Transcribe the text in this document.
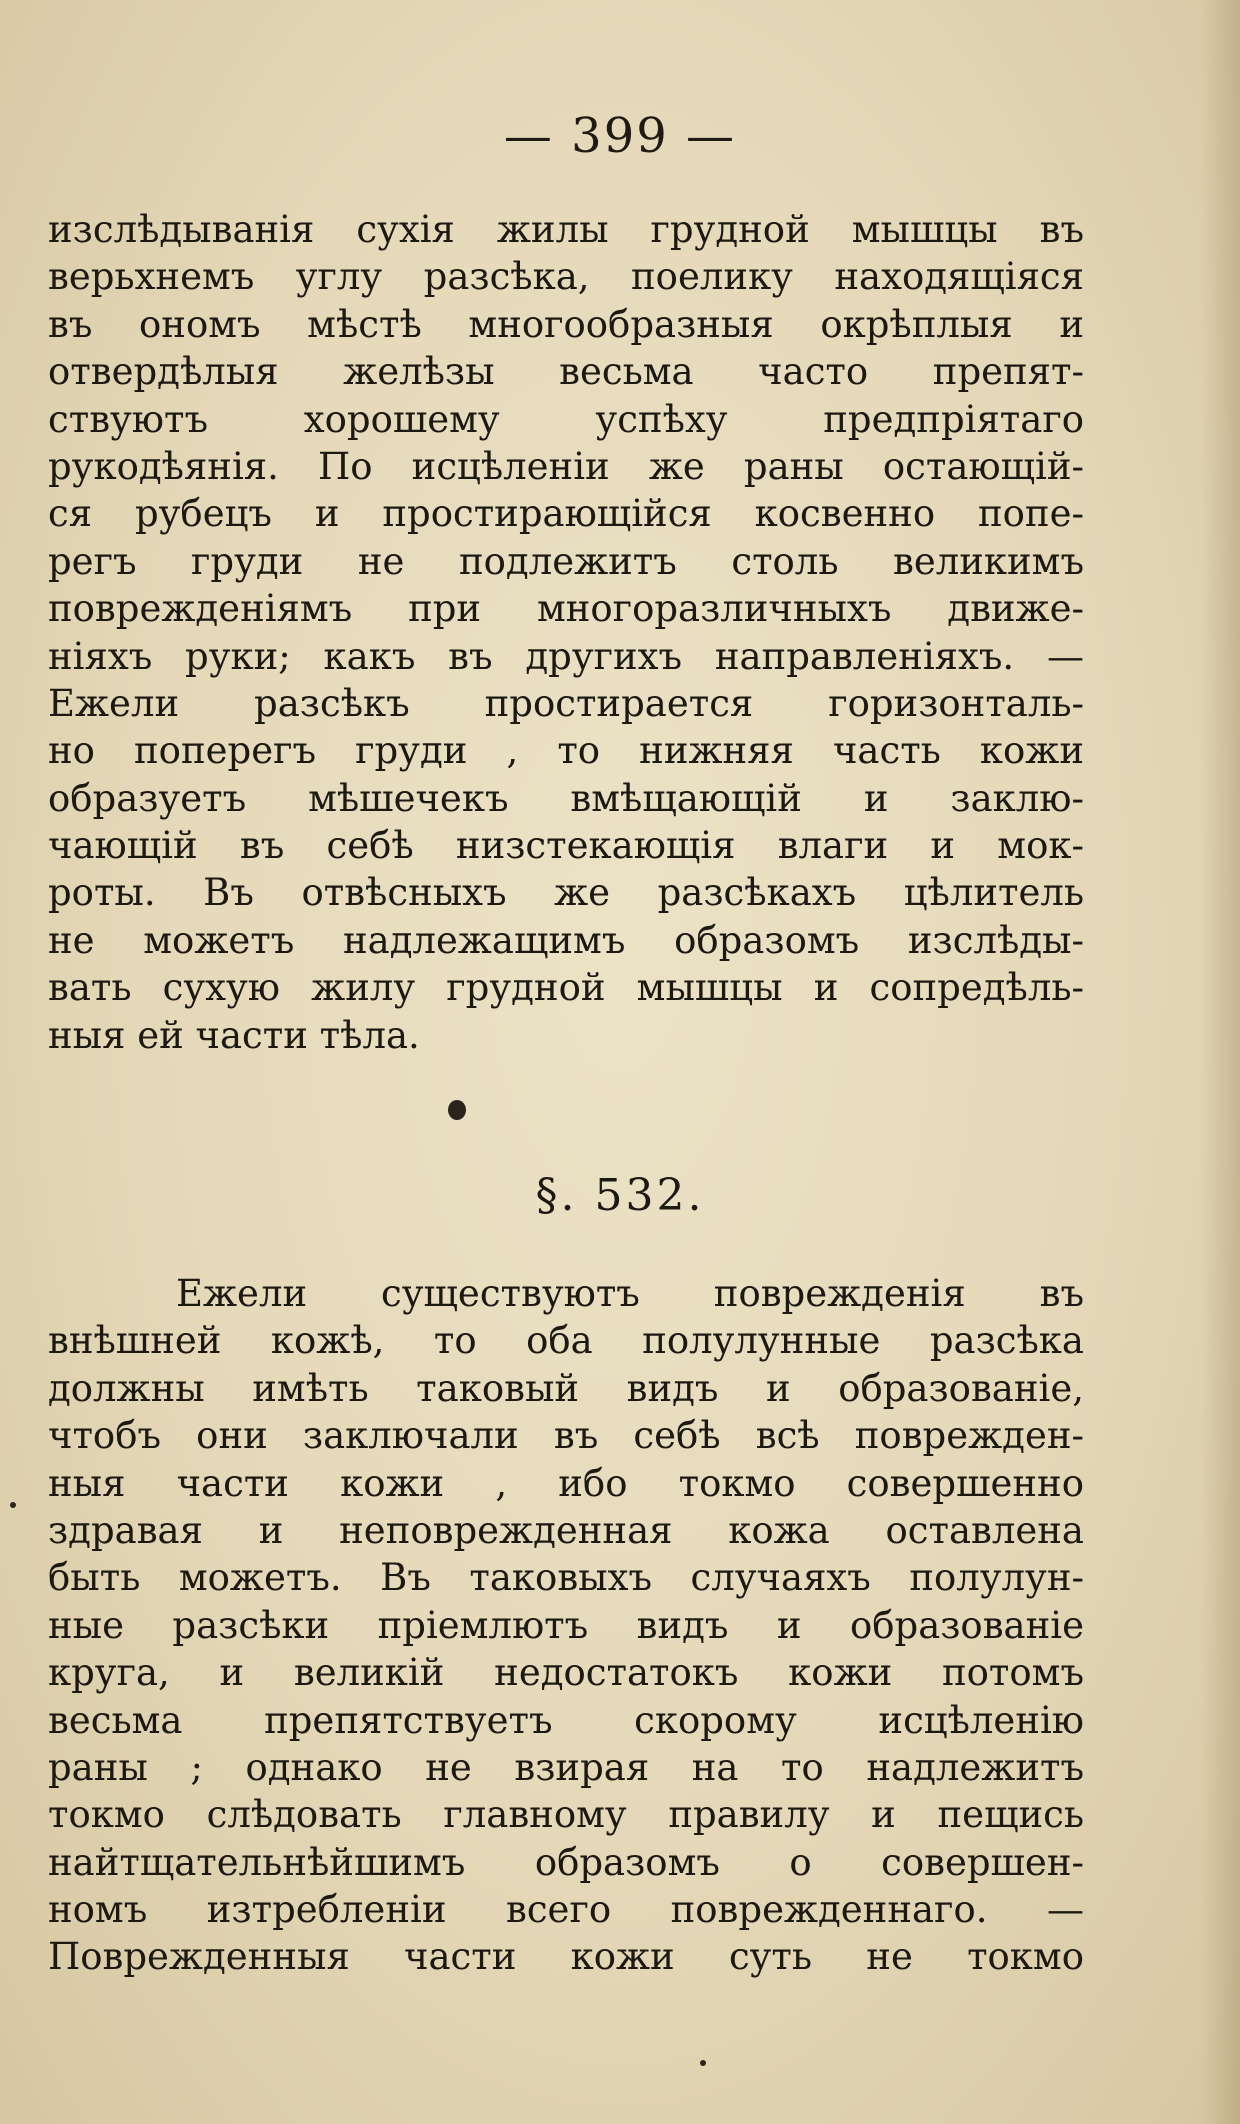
— 399 —
изслѣдыванія сухія жилы грудной мышцы въ
верьхнемъ углу разсѣка, поелику находящіяся
въ ономъ мѣстѣ многообразныя окрѣплыя и
отвердѣлыя желѣзы весьма часто препят-
ствуютъ хорошему успѣху предпріятаго
рукодѣянія. По исцѣленіи же раны остающій-
ся рубецъ и простирающійся косвенно попе-
регъ груди не подлежитъ столь великимъ
поврежденіямъ при многоразличныхъ движе-
ніяхъ руки; какъ въ другихъ направленіяхъ. —
Ежели разсѣкъ простирается горизонталь-
но поперегъ груди , то нижняя часть кожи
образуетъ мѣшечекъ вмѣщающій и заклю-
чающій въ себѣ низстекающія влаги и мок-
роты. Въ отвѣсныхъ же разсѣкахъ цѣлитель
не можетъ надлежащимъ образомъ изслѣды-
вать сухую жилу грудной мышцы и сопредѣль-
ныя ей части тѣла.
§. 532.
Ежели существуютъ поврежденія въ
внѣшней кожѣ, то оба полулунные разсѣка
должны имѣть таковый видъ и образованіе,
чтобъ они заключали въ себѣ всѣ поврежден-
ныя части кожи , ибо токмо совершенно
здравая и неповрежденная кожа оставлена
быть можетъ. Въ таковыхъ случаяхъ полулун-
ные разсѣки пріемлютъ видъ и образованіе
круга, и великій недостатокъ кожи потомъ
весьма препятствуетъ скорому исцѣленію
раны ; однако не взирая на то надлежитъ
токмо слѣдовать главному правилу и пещись
найтщательнѣйшимъ образомъ о совершен-
номъ изтребленіи всего поврежденнаго. —
Поврежденныя части кожи суть не токмо
